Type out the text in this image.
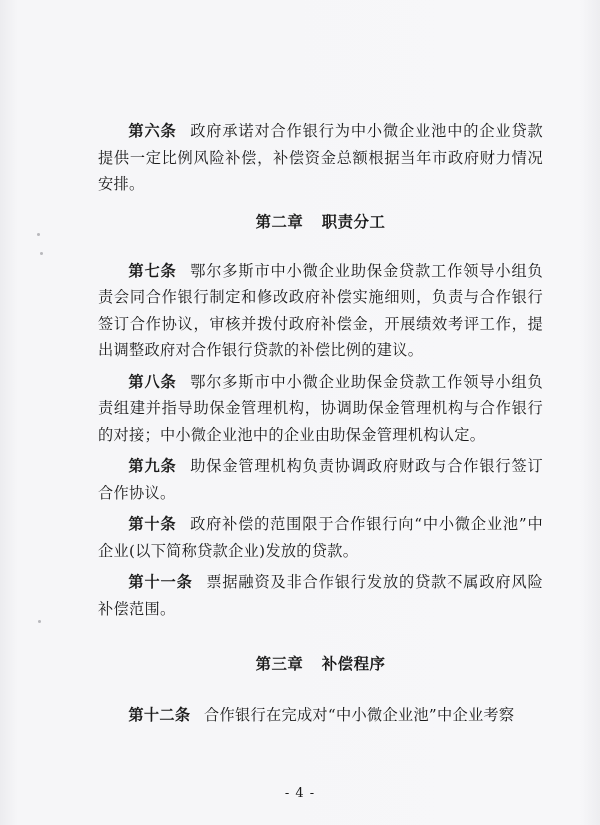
第六条 政府承诺对合作银行为中小微企业池中的企业贷款提供一定比例风险补偿，补偿资金总额根据当年市政府财力情况安排。

第二章 职责分工

第七条 鄂尔多斯市中小微企业助保金贷款工作领导小组负责会同合作银行制定和修改政府补偿实施细则，负责与合作银行签订合作协议，审核并拨付政府补偿金，开展绩效考评工作，提出调整政府对合作银行贷款的补偿比例的建议。

第八条 鄂尔多斯市中小微企业助保金贷款工作领导小组负责组建并指导助保金管理机构，协调助保金管理机构与合作银行的对接；中小微企业池中的企业由助保金管理机构认定。

第九条 助保金管理机构负责协调政府财政与合作银行签订合作协议。

第十条 政府补偿的范围限于合作银行向“中小微企业池”中企业(以下简称贷款企业)发放的贷款。

第十一条 票据融资及非合作银行发放的贷款不属政府风险补偿范围。

第三章 补偿程序

第十二条 合作银行在完成对“中小微企业池”中企业考察

- 4 -
